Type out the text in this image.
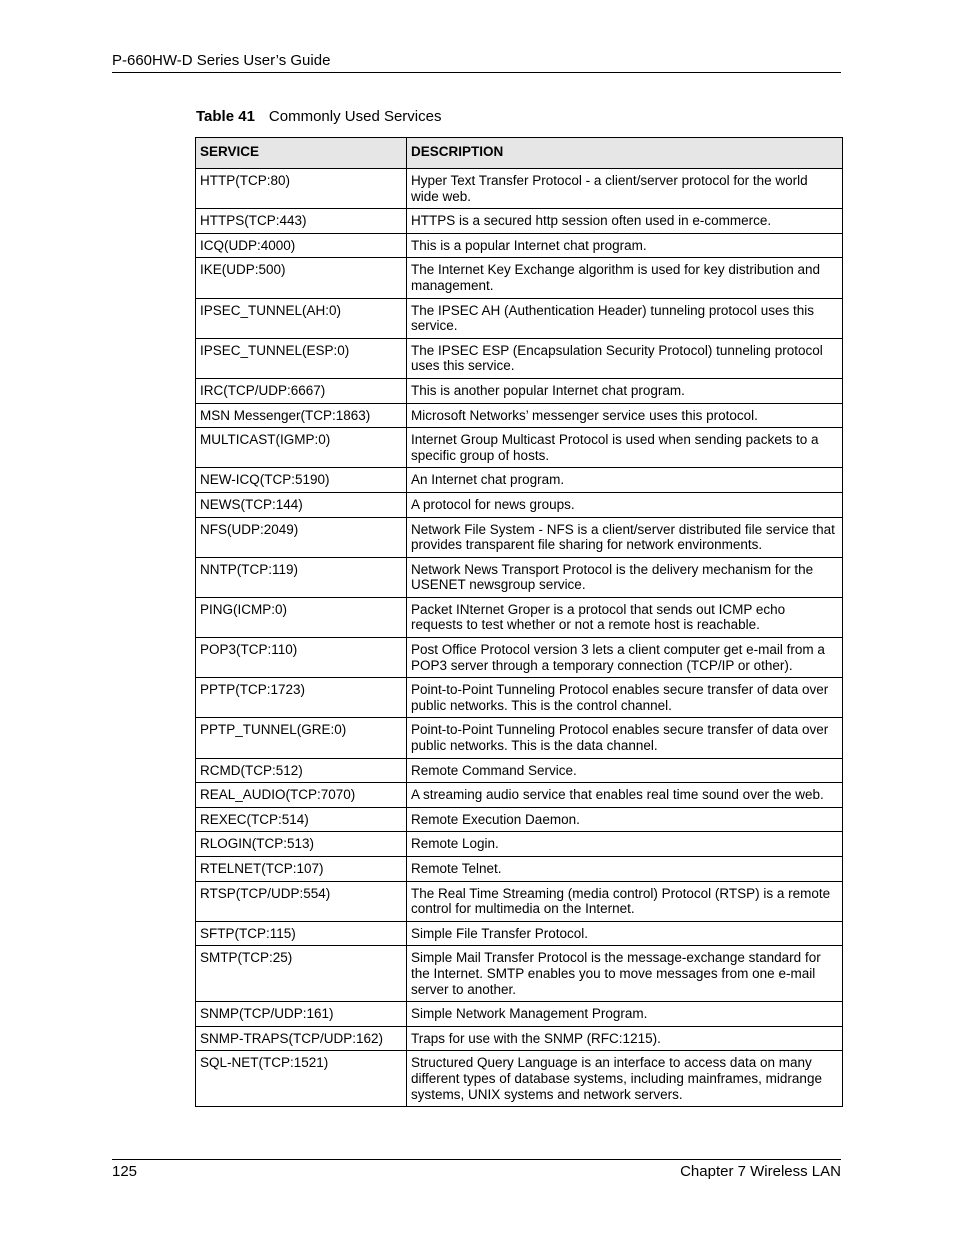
P-660HW-D Series User’s Guide
Table 41 Commonly Used Services
SERVICE	DESCRIPTION
HTTP(TCP:80)	Hyper Text Transfer Protocol - a client/server protocol for the world wide web.
HTTPS(TCP:443)	HTTPS is a secured http session often used in e-commerce.
ICQ(UDP:4000)	This is a popular Internet chat program.
IKE(UDP:500)	The Internet Key Exchange algorithm is used for key distribution and management.
IPSEC_TUNNEL(AH:0)	The IPSEC AH (Authentication Header) tunneling protocol uses this service.
IPSEC_TUNNEL(ESP:0)	The IPSEC ESP (Encapsulation Security Protocol) tunneling protocol uses this service.
IRC(TCP/UDP:6667)	This is another popular Internet chat program.
MSN Messenger(TCP:1863)	Microsoft Networks’ messenger service uses this protocol.
MULTICAST(IGMP:0)	Internet Group Multicast Protocol is used when sending packets to a specific group of hosts.
NEW-ICQ(TCP:5190)	An Internet chat program.
NEWS(TCP:144)	A protocol for news groups.
NFS(UDP:2049)	Network File System - NFS is a client/server distributed file service that provides transparent file sharing for network environments.
NNTP(TCP:119)	Network News Transport Protocol is the delivery mechanism for the USENET newsgroup service.
PING(ICMP:0)	Packet INternet Groper is a protocol that sends out ICMP echo requests to test whether or not a remote host is reachable.
POP3(TCP:110)	Post Office Protocol version 3 lets a client computer get e-mail from a POP3 server through a temporary connection (TCP/IP or other).
PPTP(TCP:1723)	Point-to-Point Tunneling Protocol enables secure transfer of data over public networks. This is the control channel.
PPTP_TUNNEL(GRE:0)	Point-to-Point Tunneling Protocol enables secure transfer of data over public networks. This is the data channel.
RCMD(TCP:512)	Remote Command Service.
REAL_AUDIO(TCP:7070)	A streaming audio service that enables real time sound over the web.
REXEC(TCP:514)	Remote Execution Daemon.
RLOGIN(TCP:513)	Remote Login.
RTELNET(TCP:107)	Remote Telnet.
RTSP(TCP/UDP:554)	The Real Time Streaming (media control) Protocol (RTSP) is a remote control for multimedia on the Internet.
SFTP(TCP:115)	Simple File Transfer Protocol.
SMTP(TCP:25)	Simple Mail Transfer Protocol is the message-exchange standard for the Internet. SMTP enables you to move messages from one e-mail server to another.
SNMP(TCP/UDP:161)	Simple Network Management Program.
SNMP-TRAPS(TCP/UDP:162)	Traps for use with the SNMP (RFC:1215).
SQL-NET(TCP:1521)	Structured Query Language is an interface to access data on many different types of database systems, including mainframes, midrange systems, UNIX systems and network servers.
125	Chapter 7 Wireless LAN
